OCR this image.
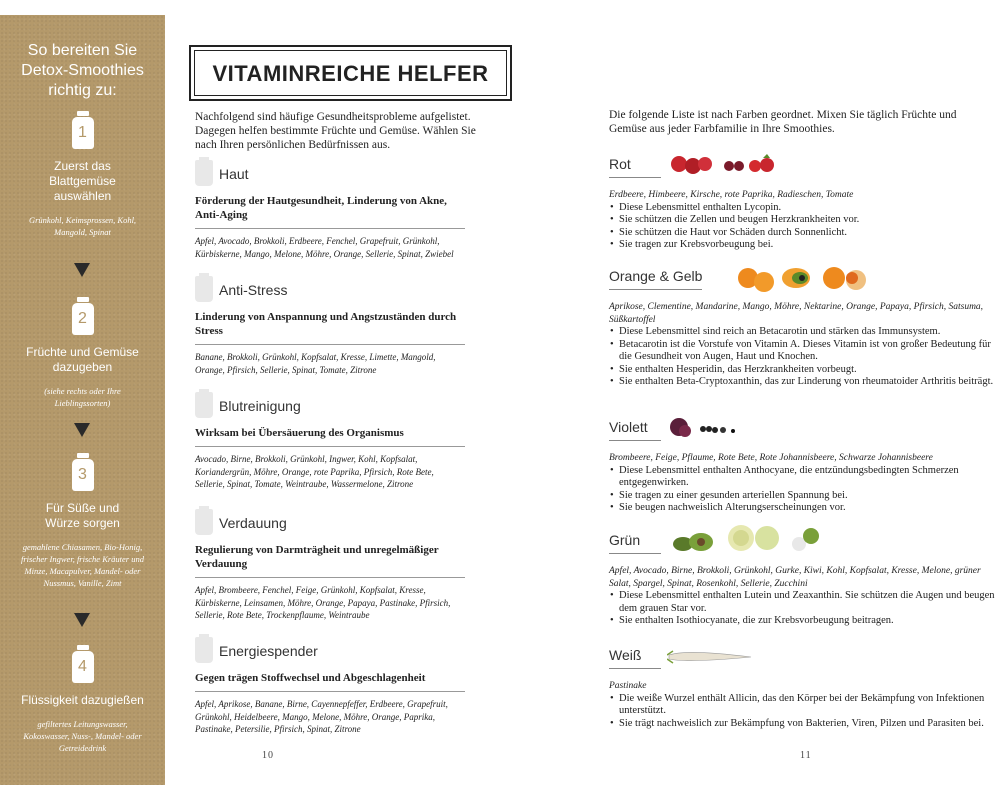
So bereiten Sie Detox-Smoothies richtig zu:
1
Zuerst das Blattgemüse auswählen
Grünkohl, Keimsprossen, Kohl, Mangold, Spinat
2
Früchte und Gemüse dazugeben
(siehe rechts oder Ihre Lieblingssorten)
3
Für Süße und Würze sorgen
gemahlene Chiasamen, Bio-Honig, frischer Ingwer, frische Kräuter und Minze, Macapulver, Mandel- oder Nussmus, Vanille, Zimt
4
Flüssigkeit dazugießen
gefiltertes Leitungswasser, Kokoswasser, Nuss-, Mandel- oder Getreidedrink
VITAMINREICHE HELFER
Nachfolgend sind häufige Gesundheitsprobleme aufgelistet. Dagegen helfen bestimmte Früchte und Gemüse. Wählen Sie nach Ihren persönlichen Bedürfnissen aus.
Haut
Förderung der Hautgesundheit, Linderung von Akne, Anti-Aging
Apfel, Avocado, Brokkoli, Erdbeere, Fenchel, Grapefruit, Grünkohl, Kürbiskerne, Mango, Melone, Möhre, Orange, Sellerie, Spinat, Zwiebel
Anti-Stress
Linderung von Anspannung und Angstzuständen durch Stress
Banane, Brokkoli, Grünkohl, Kopfsalat, Kresse, Limette, Mangold, Orange, Pfirsich, Sellerie, Spinat, Tomate, Zitrone
Blutreinigung
Wirksam bei Übersäuerung des Organismus
Avocado, Birne, Brokkoli, Grünkohl, Ingwer, Kohl, Kopfsalat, Koriandergrün, Möhre, Orange, rote Paprika, Pfirsich, Rote Bete, Sellerie, Spinat, Tomate, Weintraube, Wassermelone, Zitrone
Verdauung
Regulierung von Darmträgheit und unregelmäßiger Verdauung
Apfel, Brombeere, Fenchel, Feige, Grünkohl, Kopfsalat, Kresse, Kürbiskerne, Leinsamen, Möhre, Orange, Papaya, Pastinake, Pfirsich, Sellerie, Rote Bete, Trockenpflaume, Weintraube
Energiespender
Gegen trägen Stoffwechsel und Abgeschlagenheit
Apfel, Aprikose, Banane, Birne, Cayennepfeffer, Erdbeere, Grapefruit, Grünkohl, Heidelbeere, Mango, Melone, Möhre, Orange, Paprika, Pastinake, Petersilie, Pfirsich, Spinat, Zitrone
10
Die folgende Liste ist nach Farben geordnet. Mixen Sie täglich Früchte und Gemüse aus jeder Farbfamilie in Ihre Smoothies.
Rot
Erdbeere, Himbeere, Kirsche, rote Paprika, Radieschen, Tomate
• Diese Lebensmittel enthalten Lycopin.
• Sie schützen die Zellen und beugen Herzkrankheiten vor.
• Sie schützen die Haut vor Schäden durch Sonnenlicht.
• Sie tragen zur Krebsvorbeugung bei.
Orange & Gelb
Aprikose, Clementine, Mandarine, Mango, Möhre, Nektarine, Orange, Papaya, Pfirsich, Satsuma, Süßkartoffel
• Diese Lebensmittel sind reich an Betacarotin und stärken das Immunsystem.
• Betacarotin ist die Vorstufe von Vitamin A. Dieses Vitamin ist von großer Bedeutung für die Gesundheit von Augen, Haut und Knochen.
• Sie enthalten Hesperidin, das Herzkrankheiten vorbeugt.
• Sie enthalten Beta-Cryptoxanthin, das zur Linderung von rheumatoider Arthritis beiträgt.
Violett
Brombeere, Feige, Pflaume, Rote Bete, Rote Johannisbeere, Schwarze Johannisbeere
• Diese Lebensmittel enthalten Anthocyane, die entzündungsbedingten Schmerzen entgegenwirken.
• Sie tragen zu einer gesunden arteriellen Spannung bei.
• Sie beugen nachweislich Alterungserscheinungen vor.
Grün
Apfel, Avocado, Birne, Brokkoli, Grünkohl, Gurke, Kiwi, Kohl, Kopfsalat, Kresse, Melone, grüner Salat, Spargel, Spinat, Rosenkohl, Sellerie, Zucchini
• Diese Lebensmittel enthalten Lutein und Zeaxanthin. Sie schützen die Augen und beugen dem grauen Star vor.
• Sie enthalten Isothiocyanate, die zur Krebsvorbeugung beitragen.
Weiß
Pastinake
• Die weiße Wurzel enthält Allicin, das den Körper bei der Bekämpfung von Infektionen unterstützt.
• Sie trägt nachweislich zur Bekämpfung von Bakterien, Viren, Pilzen und Parasiten bei.
11
